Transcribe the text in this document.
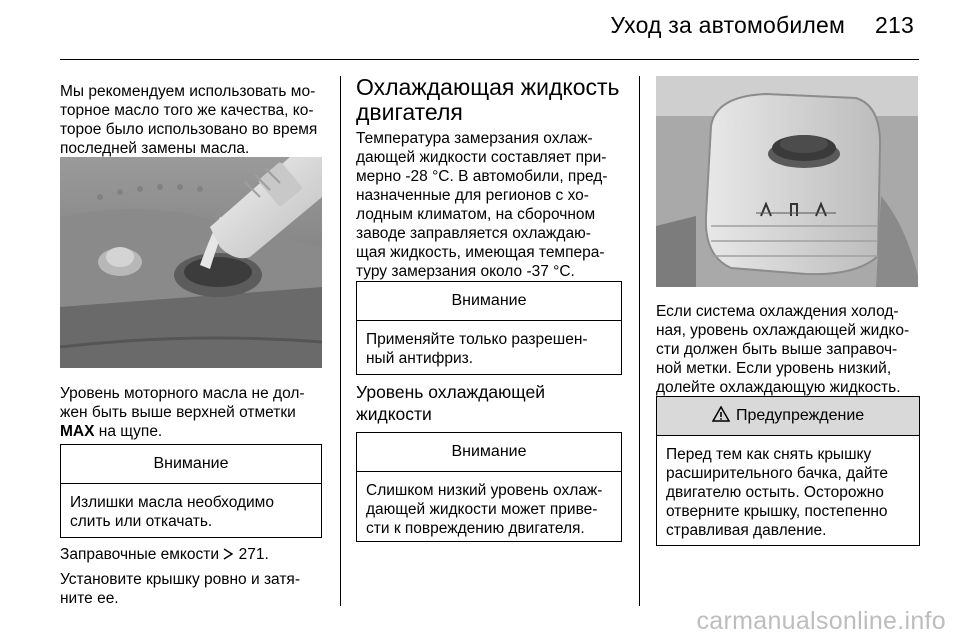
Уход за автомобилем 213

Мы рекомендуем использовать мо-

торное масло того же качества, ко-

торое было использовано во время

последней замены масла.

Уровень моторного масла не дол-

жен быть выше верхней отметки

MAX на щупе.

Внимание
Излишки масла необходимо
слить или откачать.
Заправочные емкости 271.

Установите крышку ровно и затя-

ните ее.

Охлаждающая жидкость
двигателя

Температура замерзания охлаж-

дающей жидкости составляет при-

мерно -28 °C. В автомобили, пред-

назначенные для регионов с хо-

лодным климатом, на сборочном

заводе заправляется охлаждаю-

щая жидкость, имеющая темпера-

туру замерзания около -37 °C.

Внимание
Применяйте только разрешен-
ный антифриз.
Уровень охлаждающей
жидкости
Внимание
Слишком низкий уровень охлаж-
дающей жидкости может приве-
сти к повреждению двигателя.

Если система охлаждения холод-

ная, уровень охлаждающей жидко-

сти должен быть выше заправоч-

ной метки. Если уровень низкий,

долейте охлаждающую жидкость.

Предупреждение
Перед тем как снять крышку
расширительного бачка, дайте
двигателю остыть. Осторожно
отверните крышку, постепенно
стравливая давление.
carmanualsonline.info
